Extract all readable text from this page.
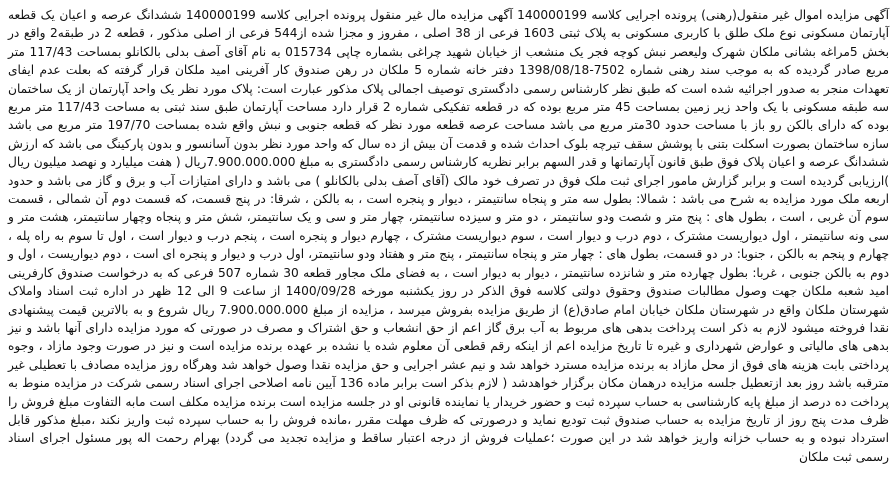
آگهی مزایده اموال غیر منقول(رهنی) پرونده اجرایی کلاسه 140000199 آگهی مزایده مال غیر منقول پرونده اجرایی کلاسه 140000199 ششدانگ عرصه و اعیان یک قطعه آپارتمان مسکونی نوع ملک طلق با کاربری مسکونی به پلاک ثبتی 1603 فرعی از 38 اصلی ، مفروز و مجزا شده از544 فرعی از اصلی مذکور ، قطعه 2 در طبقه2 واقع در بخش 5مراغه بشانی ملکان شهرک ولیعصر نبش کوچه فجر یک منشعب از خیابان شهید چراغی بشماره چاپی 015734 به نام آقای آصف بدلی بالکانلو بمساحت 117/43 متر مربع صادر گردیده که به موجب سند رهنی شماره 7502-1398/08/18 دفتر خانه شماره 5 ملکان در رهن صندوق کار آفرینی امید ملکان قرار گرفته که بعلت عدم ایفای تعهدات منجر به صدور اجرائیه شده است که طبق نظر کارشناس رسمی دادگستری توصیف اجمالی پلاک مذکور عبارت است: پلاک مورد نظر یک واحد آپارتمان از یک ساختمان سه طبقه مسکونی با یک واحد زیر زمین بمساحت 45 متر مربع بوده که در قطعه تفکیکی شماره 2 قرار دارد مساحت آپارتمان طبق سند ثبتی به مساحت 117/43 متر مربع بوده که دارای بالکن رو باز با مساحت حدود 30متر مربع می باشد مساحت عرصه قطعه مورد نظر که قطعه جنوبی و نبش واقع شده بمساحت 197/70 متر مربع می باشد سازه ساختمان بصورت اسکلت بتنی با پوشش سقف تیرچه بلوک احداث شده و قدمت آن بیش از ده سال که واحد مورد نظر بدون آسانسور و بدون پارکینگ می باشد که ارزش ششدانگ عرصه و اعیان پلاک فوق طبق قانون آپارتمانها و قدر السهم برابر نظریه کارشناس رسمی دادگستری به مبلغ 7.900.000.000ریال ( هفت میلیارد و نهصد میلیون ریال )ارزیابی گردیده است و برابر گزارش مامور اجرای ثبت ملک فوق در تصرف خود مالک (آقای آصف بدلی بالکانلو ) می باشد و دارای امتیازات آب و برق و گاز می باشد و حدود اربعه ملک مورد مزایده به شرح می باشد : شمالا: بطول سه متر و پنجاه سانتیمتر ، دیوار و پنجره است ، به بالکن ، شرقا: در پنج قسمت، که قسمت دوم آن شمالی ، قسمت سوم آن غربی ، است ، بطول های : پنج متر و شصت ودو سانتیمتر ، دو متر و سیزده سانتیمتر، چهار متر و سی و یک سانتیمتر، شش متر و پنجاه وچهار سانتیمتر، هشت متر و سی ونه سانتیمتر ، اول دیواریست مشترک ، دوم درب و دیوار است ، سوم دیواریست مشترک ، چهارم دیوار و پنجره است ، پنجم درب و دیوار است ، اول تا سوم به راه پله ، چهارم و پنجم به بالکن ، جنوبا: در دو قسمت، بطول های : چهار متر و پنجاه سانتیمتر ، پنج متر و هفتاد ودو سانتیمتر، اول درب و دیوار و پنجره ای است ، دوم دیواریست ، اول و دوم به بالکن جنوبی ، غربا: بطول چهارده متر و شانزده سانتیمتر ، دیوار به دیوار است ، به فضای ملک مجاور قطعه 30 شماره 507 فرعی که به درخواست صندوق کارفرینی امید شعبه ملکان جهت وصول مطالبات صندوق وحقوق دولتی کلاسه فوق الذکر در روز یکشنبه مورخه 1400/09/28 از ساعت 9 الی 12 ظهر در اداره ثبت اسناد واملاک شهرستان ملکان واقع در شهرستان ملکان خیابان امام صادق(ع) از طریق مزایده بفروش میرسد ، مزایده از مبلغ 7.900.000.000 ریال شروع و به بالاترین قیمت پیشنهادی نقدا فروخته میشود لازم به ذکر است پرداخت بدهی های مربوط به آب برق گاز اعم از حق انشعاب و حق اشتراک و مصرف در صورتی که مورد مزایده دارای آنها باشد و نیز بدهی های مالیاتی و عوارض شهرداری و غیره تا تاریخ مزایده اعم از اینکه رقم قطعی آن معلوم شده یا نشده بر عهده برنده مزایده است و نیز در صورت وجود مازاد ، وجوه پرداختی بابت هزینه های فوق از محل مازاد به برنده مزایده مسترد خواهد شد و نیم عشر اجرایی و حق مزایده نقدا وصول خواهد شد وهرگاه روز مزایده مصادف با تعطیلی غیر مترقبه باشد روز بعد ازتعطیل جلسه مزایده درهمان مکان برگزار خواهدشد ( لازم بذکر است برابر ماده 136 آیین نامه اصلاحی اجرای اسناد رسمی شرکت در مزایده منوط به پرداخت ده درصد از مبلغ پایه کارشناسی به حساب سپرده ثبت و حضور خریدار یا نماینده قانونی او در جلسه مزایده است برنده مزایده مکلف است مابه التفاوت مبلغ فروش را ظرف مدت پنج روز از تاریخ مزایده به حساب صندوق ثبت تودیع نماید و درصورتی که ظرف مهلت مقرر ،مانده فروش را به حساب سپرده ثبت واریز نکند ،مبلغ مذکور قابل استرداد نبوده و به حساب خزانه واریز خواهد شد در این صورت ؛عملیات فروش از درجه اعتبار ساقط و مزایده تجدید می گردد) بهرام رحمت اله پور مسئول اجرای اسناد رسمی ثبت ملکان
